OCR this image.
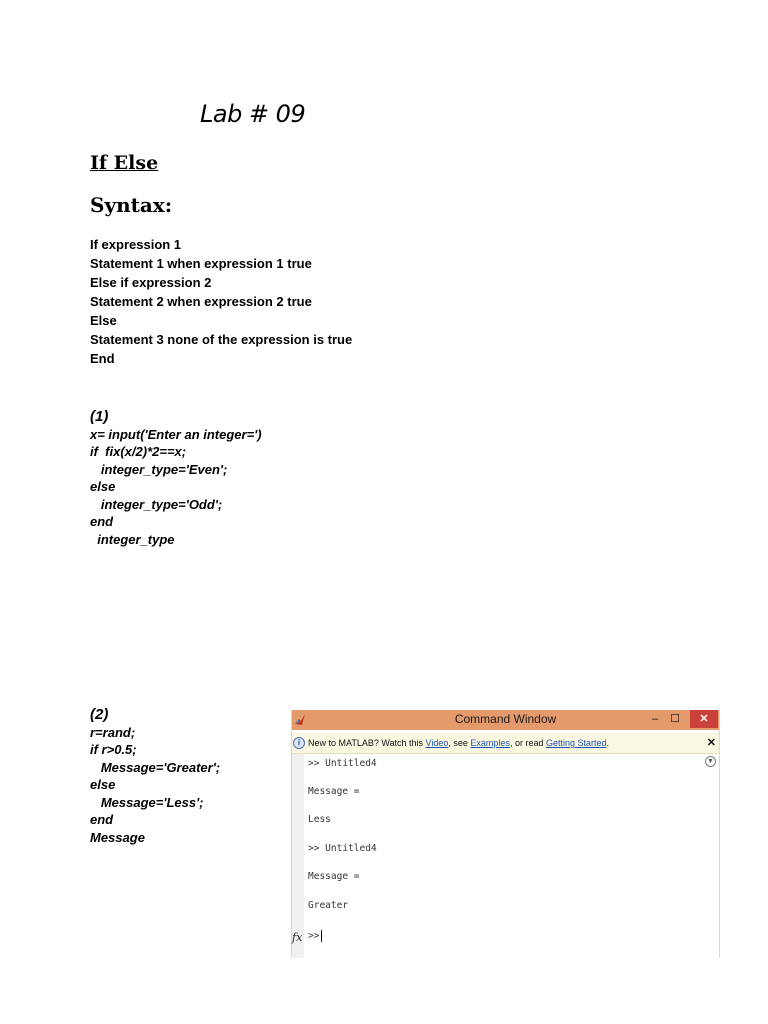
Lab # 09
If Else
Syntax:
If expression 1
Statement 1 when expression 1 true
Else if expression 2
Statement 2 when expression 2 true
Else
Statement 3 none of the expression is true
End
(1)
x= input('Enter an integer=')
if  fix(x/2)*2==x;
integer_type='Even';
else
integer_type='Odd';
end
integer_type
(2)
r=rand;
if r>0.5;
Message='Greater';
else
Message='Less';
end
Message
Command Window	– ☐	✕
i New to MATLAB? Watch this Video, see Examples, or read Getting Started.	✕
▼
>> Untitled4
Message =
Less
>> Untitled4
Message =
Greater
fx >>
